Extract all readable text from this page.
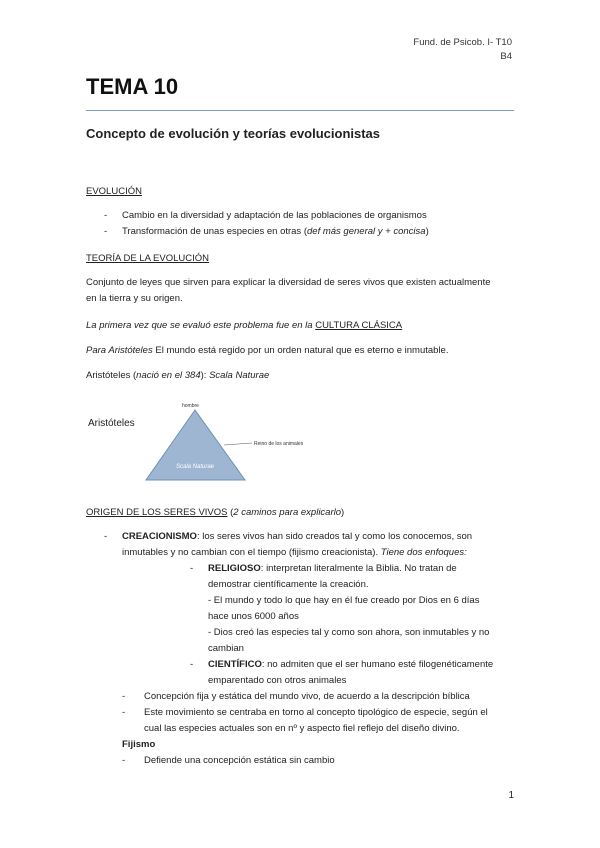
Fund. de Psicob. I- T10
B4
TEMA 10
Concepto de evolución y teorías evolucionistas
EVOLUCIÓN
- Cambio en la diversidad y adaptación de las poblaciones de organismos
- Transformación de unas especies en otras (def más general y + concisa)
TEORÍA DE LA EVOLUCIÓN
Conjunto de leyes que sirven para explicar la diversidad de seres vivos que existen actualmente
en la tierra y su origen.
La primera vez que se evaluó este problema fue en la CULTURA CLÁSICA
Para Aristóteles El mundo está regido por un orden natural que es eterno e inmutable.
Aristóteles (nació en el 384): Scala Naturae
Aristóteles
hombre
Reino de los animales
Scala Naturae
ORIGEN DE LOS SERES VIVOS (2 caminos para explicarlo)
- CREACIONISMO: los seres vivos han sido creados tal y como los conocemos, son
inmutables y no cambian con el tiempo (fijismo creacionista). Tiene dos enfoques:
- RELIGIOSO: interpretan literalmente la Biblia. No tratan de
demostrar científicamente la creación.
- El mundo y todo lo que hay en él fue creado por Dios en 6 días
hace unos 6000 años
- Dios creó las especies tal y como son ahora, son inmutables y no
cambian
- CIENTÍFICO: no admiten que el ser humano esté filogenéticamente
emparentado con otros animales
- Concepción fija y estática del mundo vivo, de acuerdo a la descripción bíblica
- Este movimiento se centraba en torno al concepto tipológico de especie, según el
cual las especies actuales son en nº y aspecto fiel reflejo del diseño divino.
Fijismo
- Defiende una concepción estática sin cambio
1
